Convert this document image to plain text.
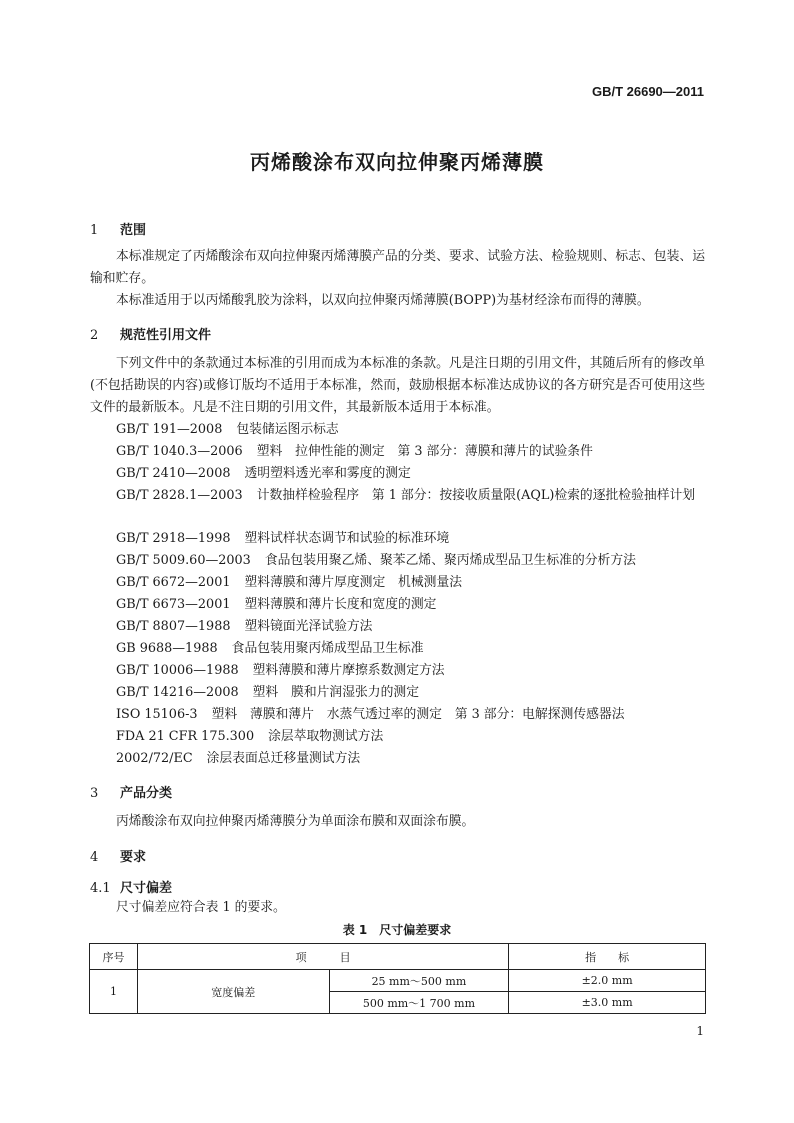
GB/T 26690—2011
丙烯酸涂布双向拉伸聚丙烯薄膜
1 范围
本标准规定了丙烯酸涂布双向拉伸聚丙烯薄膜产品的分类、要求、试验方法、检验规则、标志、包装、运输和贮存。
本标准适用于以丙烯酸乳胶为涂料，以双向拉伸聚丙烯薄膜(BOPP)为基材经涂布而得的薄膜。
2 规范性引用文件
下列文件中的条款通过本标准的引用而成为本标准的条款。凡是注日期的引用文件，其随后所有的修改单(不包括勘误的内容)或修订版均不适用于本标准，然而，鼓励根据本标准达成协议的各方研究是否可使用这些文件的最新版本。凡是不注日期的引用文件，其最新版本适用于本标准。
GB/T 191—2008 包装储运图示标志
GB/T 1040.3—2006 塑料　拉伸性能的测定　第 3 部分：薄膜和薄片的试验条件
GB/T 2410—2008 透明塑料透光率和雾度的测定
GB/T 2828.1—2003 计数抽样检验程序　第 1 部分：按接收质量限(AQL)检索的逐批检验抽样计划
GB/T 2918—1998 塑料试样状态调节和试验的标准环境
GB/T 5009.60—2003 食品包装用聚乙烯、聚苯乙烯、聚丙烯成型品卫生标准的分析方法
GB/T 6672—2001 塑料薄膜和薄片厚度测定　机械测量法
GB/T 6673—2001 塑料薄膜和薄片长度和宽度的测定
GB/T 8807—1988 塑料镜面光泽试验方法
GB 9688—1988 食品包装用聚丙烯成型品卫生标准
GB/T 10006—1988 塑料薄膜和薄片摩擦系数测定方法
GB/T 14216—2008 塑料　膜和片润湿张力的测定
ISO 15106-3 塑料　薄膜和薄片　水蒸气透过率的测定　第 3 部分：电解探测传感器法
FDA 21 CFR 175.300 涂层萃取物测试方法
2002/72/EC 涂层表面总迁移量测试方法
3 产品分类
丙烯酸涂布双向拉伸聚丙烯薄膜分为单面涂布膜和双面涂布膜。
4 要求
4.1 尺寸偏差
尺寸偏差应符合表 1 的要求。
表 1　尺寸偏差要求
序号	项　　　目		指　　标
1	宽度偏差	25 mm～500 mm	±2.0 mm
		500 mm～1 700 mm	±3.0 mm
1
